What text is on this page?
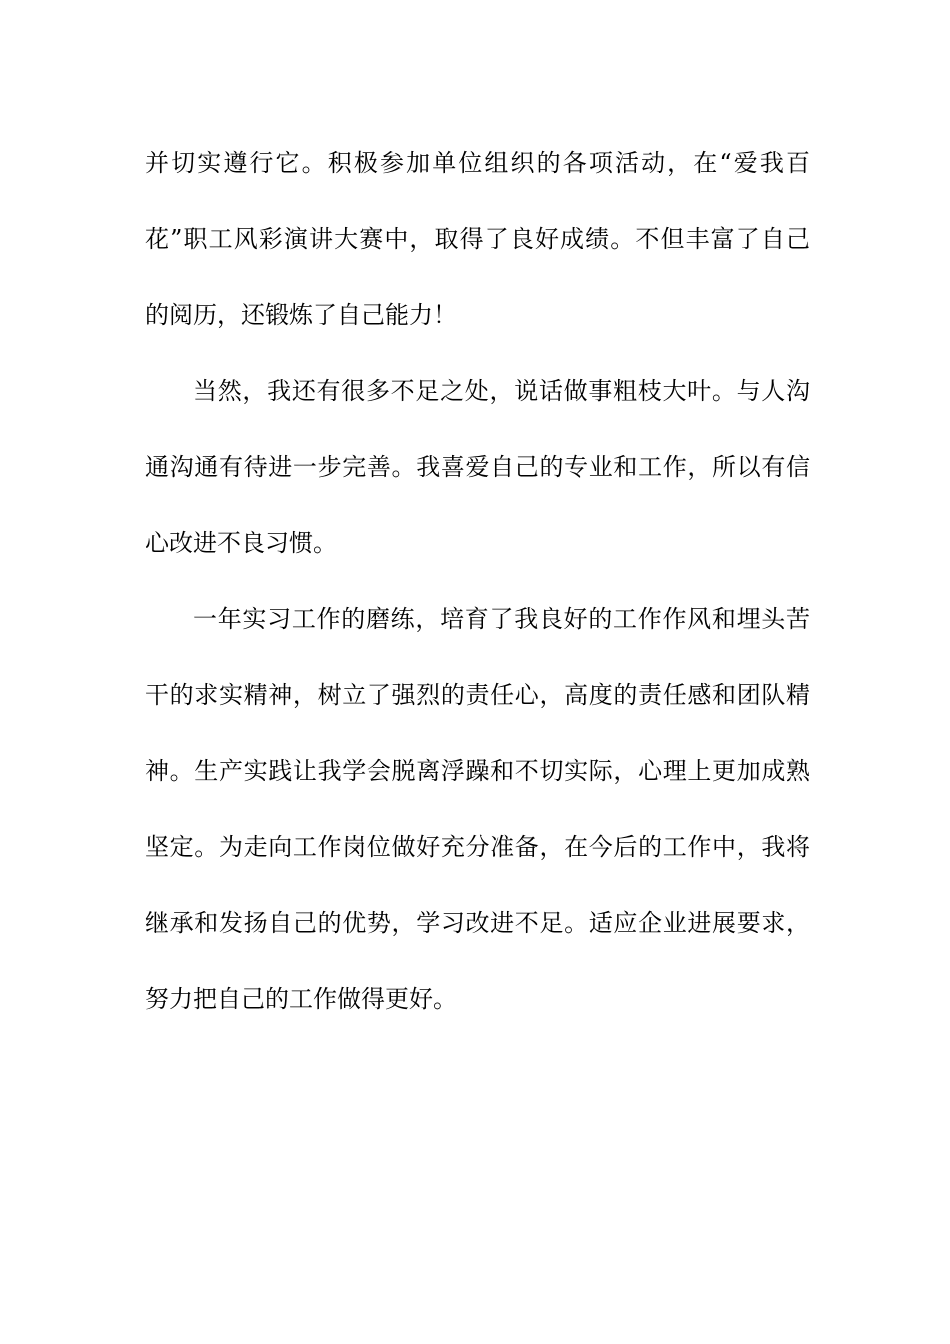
并切实遵行它。积极参加单位组织的各项活动，在“爱我百
花”职工风彩演讲大赛中，取得了良好成绩。不但丰富了自己
的阅历，还锻炼了自己能力！
当然，我还有很多不足之处，说话做事粗枝大叶。与人沟
通沟通有待进一步完善。我喜爱自己的专业和工作，所以有信
心改进不良习惯。
一年实习工作的磨练，培育了我良好的工作作风和埋头苦
干的求实精神，树立了强烈的责任心，高度的责任感和团队精
神。生产实践让我学会脱离浮躁和不切实际，心理上更加成熟
坚定。为走向工作岗位做好充分准备，在今后的工作中，我将
继承和发扬自己的优势，学习改进不足。适应企业进展要求，
努力把自己的工作做得更好。
